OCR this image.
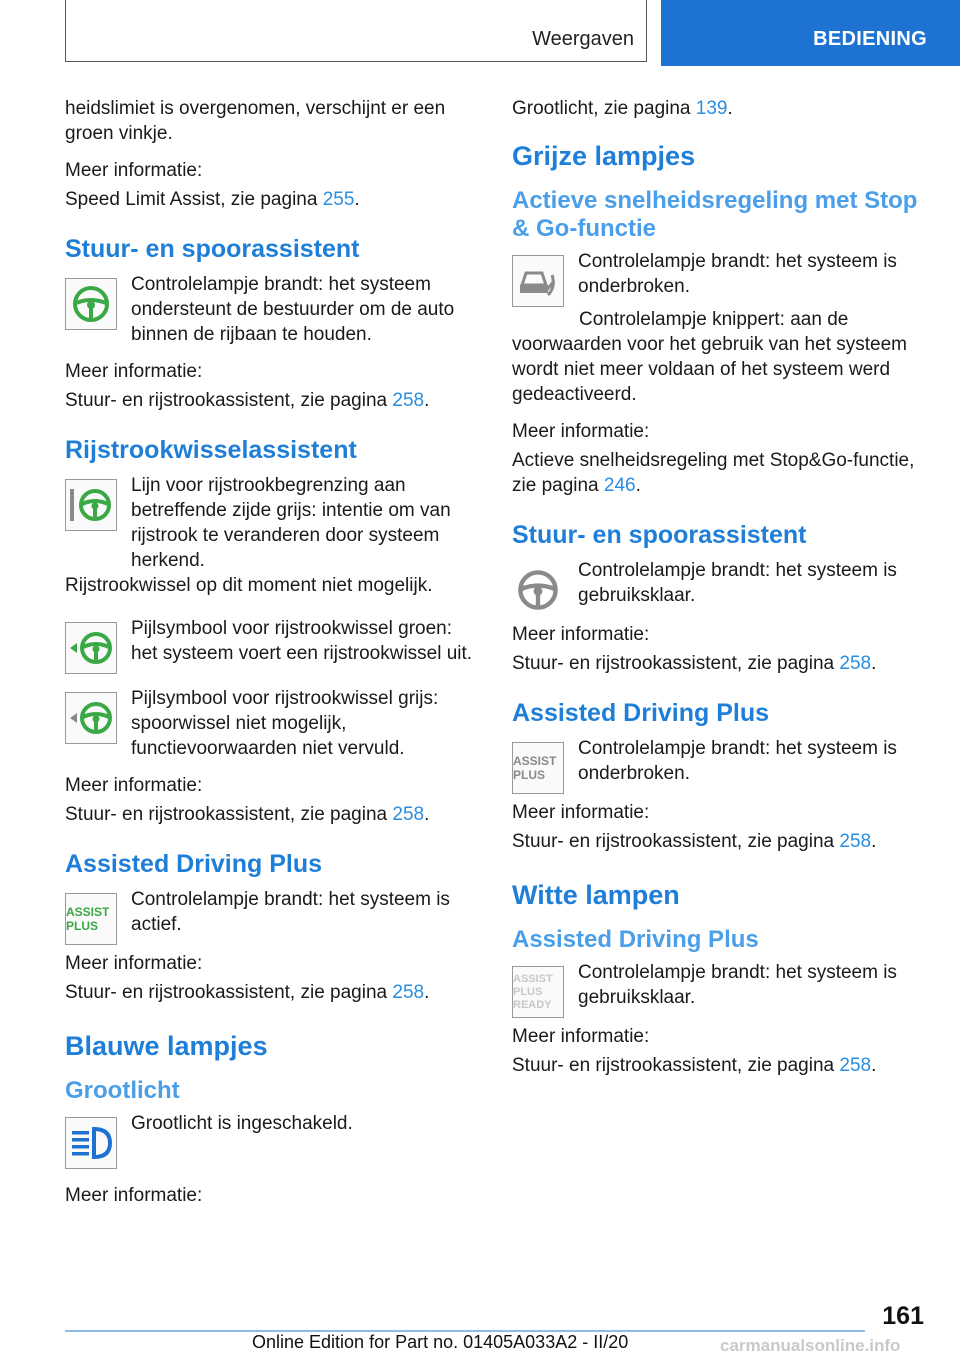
Weergaven	BEDIENING

heidslimiet is overgenomen, verschijnt er een groen vinkje.

Meer informatie:

Speed Limit Assist, zie pagina 255.

Stuur- en spoorassistent

Controlelampje brandt: het systeem ondersteunt de bestuurder om de auto binnen de rijbaan te houden.

Meer informatie:

Stuur- en rijstrookassistent, zie pagina 258.

Rijstrookwisselassistent

Lijn voor rijstrookbegrenzing aan betreffende zijde grijs: intentie om van rijstrook te veranderen door systeem herkend.

Rijstrookwissel op dit moment niet mogelijk.

Pijlsymbool voor rijstrookwissel groen: het systeem voert een rijstrookwissel uit.

Pijlsymbool voor rijstrookwissel grijs: spoorwissel niet mogelijk, functievoorwaarden niet vervuld.

Meer informatie:

Stuur- en rijstrookassistent, zie pagina 258.

Assisted Driving Plus
ASSIST PLUS

Controlelampje brandt: het systeem is actief.

Meer informatie:

Stuur- en rijstrookassistent, zie pagina 258.

Blauwe lampjes
Grootlicht

Grootlicht is ingeschakeld.

Meer informatie:

Grootlicht, zie pagina 139.

Grijze lampjes
Actieve snelheidsregeling met Stop & Go-functie

Controlelampje brandt: het systeem is onderbroken.

Controlelampje knippert: aan de voorwaarden voor het gebruik van het systeem wordt niet meer voldaan of het systeem werd gedeactiveerd.

Meer informatie:

Actieve snelheidsregeling met Stop&Go-functie, zie pagina 246.

Stuur- en spoorassistent

Controlelampje brandt: het systeem is gebruiksklaar.

Meer informatie:

Stuur- en rijstrookassistent, zie pagina 258.

Assisted Driving Plus
ASSIST PLUS

Controlelampje brandt: het systeem is onderbroken.

Meer informatie:

Stuur- en rijstrookassistent, zie pagina 258.

Witte lampen
Assisted Driving Plus
ASSIST PLUS READY

Controlelampje brandt: het systeem is gebruiksklaar.

Meer informatie:

Stuur- en rijstrookassistent, zie pagina 258.

161
Online Edition for Part no. 01405A033A2 - II/20	carmanualsonline.info
